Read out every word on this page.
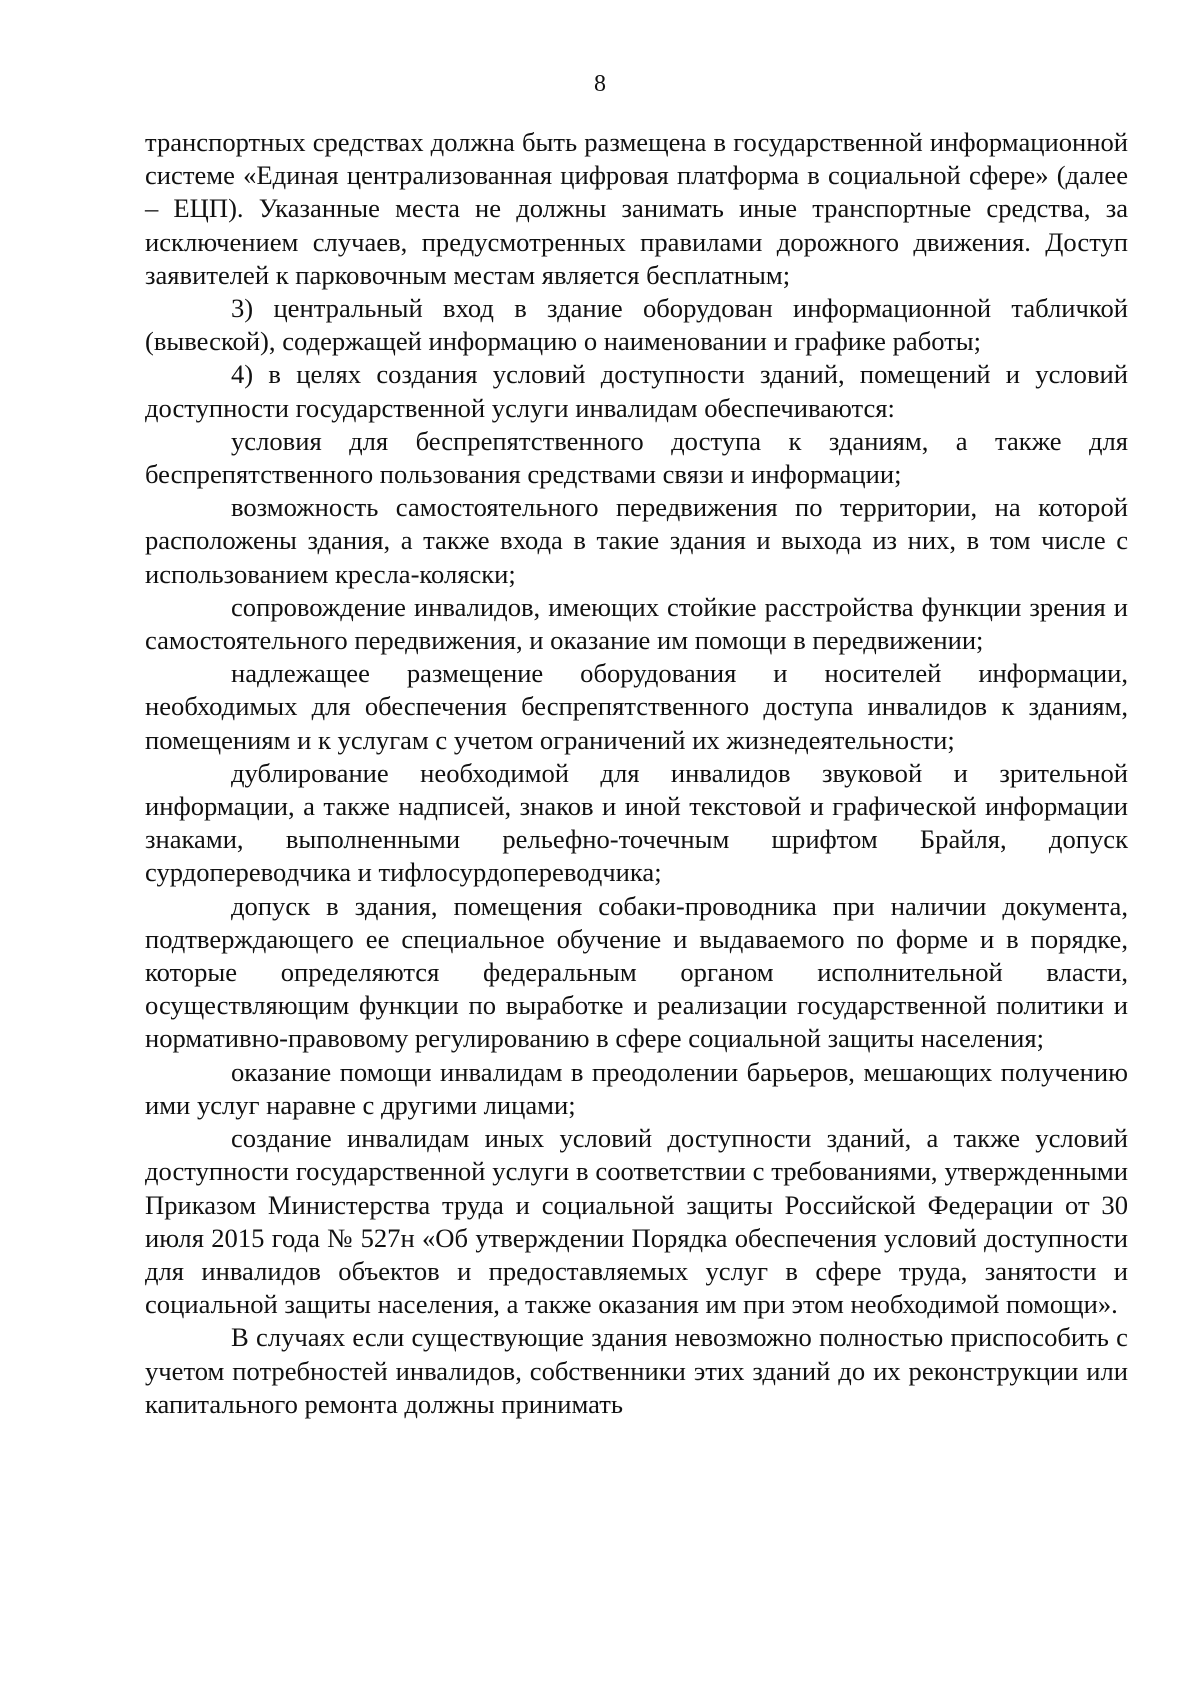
8

транспортных средствах должна быть размещена в государственной информационной системе «Единая централизованная цифровая платформа в социальной сфере» (далее – ЕЦП). Указанные места не должны занимать иные транспортные средства, за исключением случаев, предусмотренных правилами дорожного движения. Доступ заявителей к парковочным местам является бесплатным;

3) центральный вход в здание оборудован информационной табличкой (вывеской), содержащей информацию о наименовании и графике работы;

4) в целях создания условий доступности зданий, помещений и условий доступности государственной услуги инвалидам обеспечиваются:

условия для беспрепятственного доступа к зданиям, а также для беспрепятственного пользования средствами связи и информации;

возможность самостоятельного передвижения по территории, на которой расположены здания, а также входа в такие здания и выхода из них, в том числе с использованием кресла-коляски;

сопровождение инвалидов, имеющих стойкие расстройства функции зрения и самостоятельного передвижения, и оказание им помощи в передвижении;

надлежащее размещение оборудования и носителей информации, необходимых для обеспечения беспрепятственного доступа инвалидов к зданиям, помещениям и к услугам с учетом ограничений их жизнедеятельности;

дублирование необходимой для инвалидов звуковой и зрительной информации, а также надписей, знаков и иной текстовой и графической информации знаками, выполненными рельефно-точечным шрифтом Брайля, допуск сурдопереводчика и тифлосурдопереводчика;

допуск в здания, помещения собаки-проводника при наличии документа, подтверждающего ее специальное обучение и выдаваемого по форме и в порядке, которые определяются федеральным органом исполнительной власти, осуществляющим функции по выработке и реализации государственной политики и нормативно-правовому регулированию в сфере социальной защиты населения;

оказание помощи инвалидам в преодолении барьеров, мешающих получению ими услуг наравне с другими лицами;

создание инвалидам иных условий доступности зданий, а также условий доступности государственной услуги в соответствии с требованиями, утвержденными Приказом Министерства труда и социальной защиты Российской Федерации от 30 июля 2015 года № 527н «Об утверждении Порядка обеспечения условий доступности для инвалидов объектов и предоставляемых услуг в сфере труда, занятости и социальной защиты населения, а также оказания им при этом необходимой помощи».

В случаях если существующие здания невозможно полностью приспособить с учетом потребностей инвалидов, собственники этих зданий до их реконструкции или капитального ремонта должны принимать
